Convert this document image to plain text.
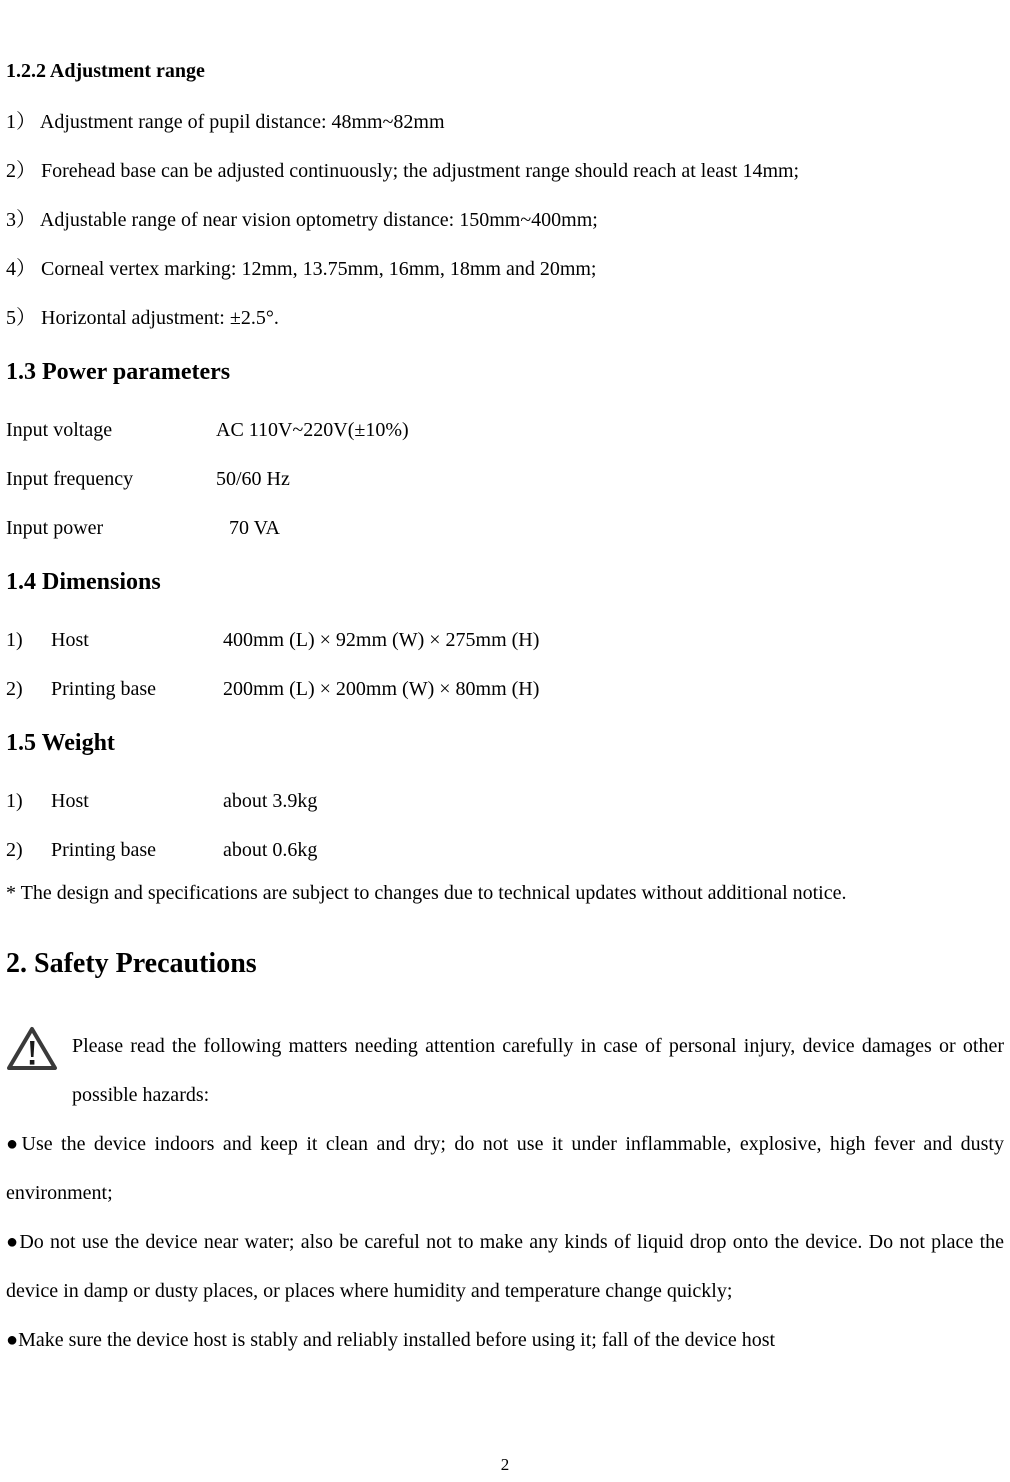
1.2.2 Adjustment range
1） Adjustment range of pupil distance: 48mm~82mm
2） Forehead base can be adjusted continuously; the adjustment range should reach at least 14mm;
3） Adjustable range of near vision optometry distance: 150mm~400mm;
4） Corneal vertex marking: 12mm, 13.75mm, 16mm, 18mm and 20mm;
5） Horizontal adjustment: ±2.5°.
1.3 Power parameters
Input voltage	AC 110V~220V(±10%)
Input frequency	50/60 Hz
Input power	70 VA
1.4 Dimensions
1)	Host	400mm (L) × 92mm (W) × 275mm (H)
2)	Printing base	200mm (L) × 200mm (W) × 80mm (H)
1.5 Weight
1)	Host	about 3.9kg
2)	Printing base	about 0.6kg
* The design and specifications are subject to changes due to technical updates without additional notice.
2. Safety Precautions
Please read the following matters needing attention carefully in case of personal injury, device damages or other possible hazards:
●Use the device indoors and keep it clean and dry; do not use it under inflammable, explosive, high fever and dusty environment;
●Do not use the device near water; also be careful not to make any kinds of liquid drop onto the device. Do not place the device in damp or dusty places, or places where humidity and temperature change quickly;
●Make sure the device host is stably and reliably installed before using it; fall of the device host
2
